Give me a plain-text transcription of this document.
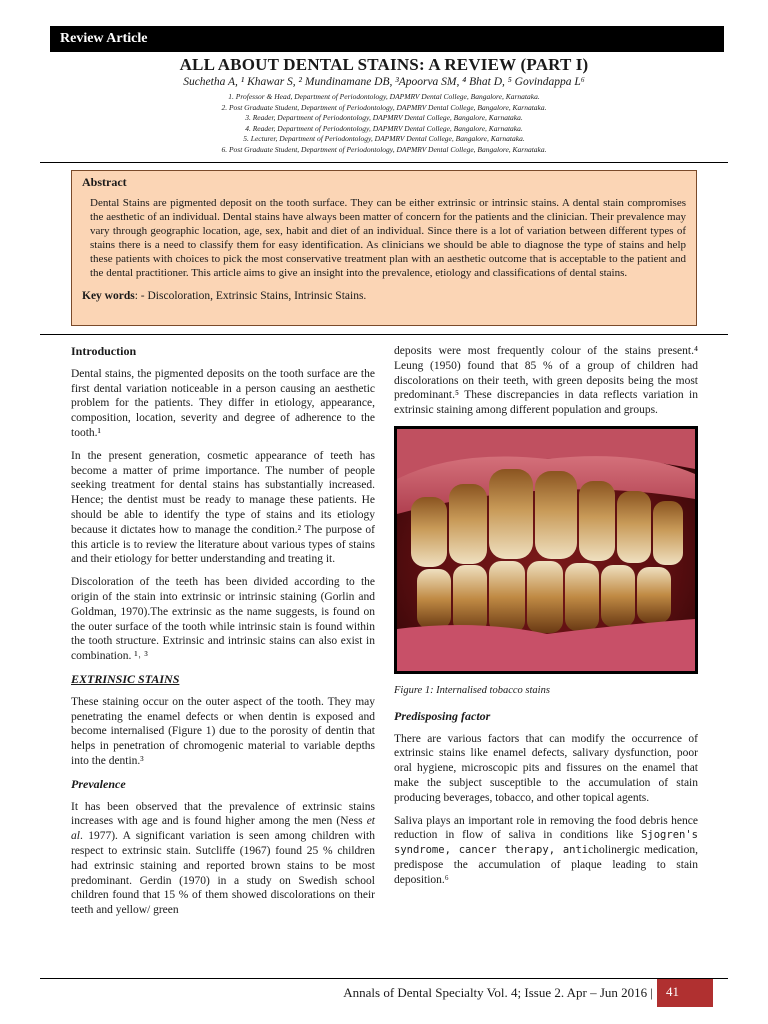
Review Article
ALL ABOUT DENTAL STAINS: A REVIEW (PART I)
Suchetha A, ¹ Khawar S, ² Mundinamane DB, ³Apoorva SM, ⁴ Bhat D, ⁵ Govindappa L⁶
1. Professor & Head, Department of Periodontology, DAPMRV Dental College, Bangalore, Karnataka.
2. Post Graduate Student, Department of Periodontology, DAPMRV Dental College, Bangalore, Karnataka.
3. Reader, Department of Periodontology, DAPMRV Dental College, Bangalore, Karnataka.
4. Reader, Department of Periodontology, DAPMRV Dental College, Bangalore, Karnataka.
5. Lecturer, Department of Periodontology, DAPMRV Dental College, Bangalore, Karnataka.
6. Post Graduate Student, Department of Periodontology, DAPMRV Dental College, Bangalore, Karnataka.
Abstract

Dental Stains are pigmented deposit on the tooth surface. They can be either extrinsic or intrinsic stains. A dental stain compromises the aesthetic of an individual. Dental stains have always been matter of concern for the patients and the clinician. Their prevalence may vary through geographic location, age, sex, habit and diet of an individual. Since there is a lot of variation between different types of stains there is a need to classify them for easy identification. As clinicians we should be able to diagnose the type of stains and help these patients with choices to pick the most conservative treatment plan with an aesthetic outcome that is acceptable to the patient and the dental practitioner. This article aims to give an insight into the prevalence, etiology and classifications of dental stains.

Key words: - Discoloration, Extrinsic Stains, Intrinsic Stains.
Introduction

Dental stains, the pigmented deposits on the tooth surface are the first dental variation noticeable in a person causing an aesthetic problem for the patients. They differ in etiology, appearance, composition, location, severity and degree of adherence to the tooth.¹

In the present generation, cosmetic appearance of teeth has become a matter of prime importance. The number of people seeking treatment for dental stains has substantially increased. Hence; the dentist must be ready to manage these patients. He should be able to identify the type of stains and its etiology because it dictates how to manage the condition.² The purpose of this article is to review the literature about various types of stains and their etiology for better understanding and treating it.

Discoloration of the teeth has been divided according to the origin of the stain into extrinsic or intrinsic staining (Gorlin and Goldman, 1970).The extrinsic as the name suggests, is found on the outer surface of the tooth while intrinsic stain is found within the tooth structure. Extrinsic and intrinsic stains can also exist in combination. ¹˒ ³

EXTRINSIC STAINS

These staining occur on the outer aspect of the tooth. They may penetrating the enamel defects or when dentin is exposed and become internalised (Figure 1) due to the porosity of dentin that helps in penetration of chromogenic material to variable depths into the dentin.³

Prevalence

It has been observed that the prevalence of extrinsic stains increases with age and is found higher among the men (Ness et al. 1977). A significant variation is seen among children with respect to extrinsic stain. Sutcliffe (1967) found 25 % children had extrinsic staining and reported brown stains to be most predominant. Gerdin (1970) in a study on Swedish school children found that 15 % of them showed discolorations on their teeth and yellow/ green

deposits were most frequently colour of the stains present.⁴ Leung (1950) found that 85 % of a group of children had discolorations on their teeth, with green deposits being the most predominant.⁵ These discrepancies in data reflects variation in extrinsic staining among different population and groups.

Figure 1: Internalised tobacco stains
Predisposing factor

There are various factors that can modify the occurrence of extrinsic stains like enamel defects, salivary dysfunction, poor oral hygiene, microscopic pits and fissures on the enamel that make the subject susceptible to the accumulation of stain producing beverages, tobacco, and other topical agents.

Saliva plays an important role in removing the food debris hence reduction in flow of saliva in conditions like Sjogren's syndrome, cancer therapy, anticholinergic medication, predispose the accumulation of plaque leading to stain deposition.⁶

Annals of Dental Specialty Vol. 4; Issue 2. Apr – Jun 2016 |	41
